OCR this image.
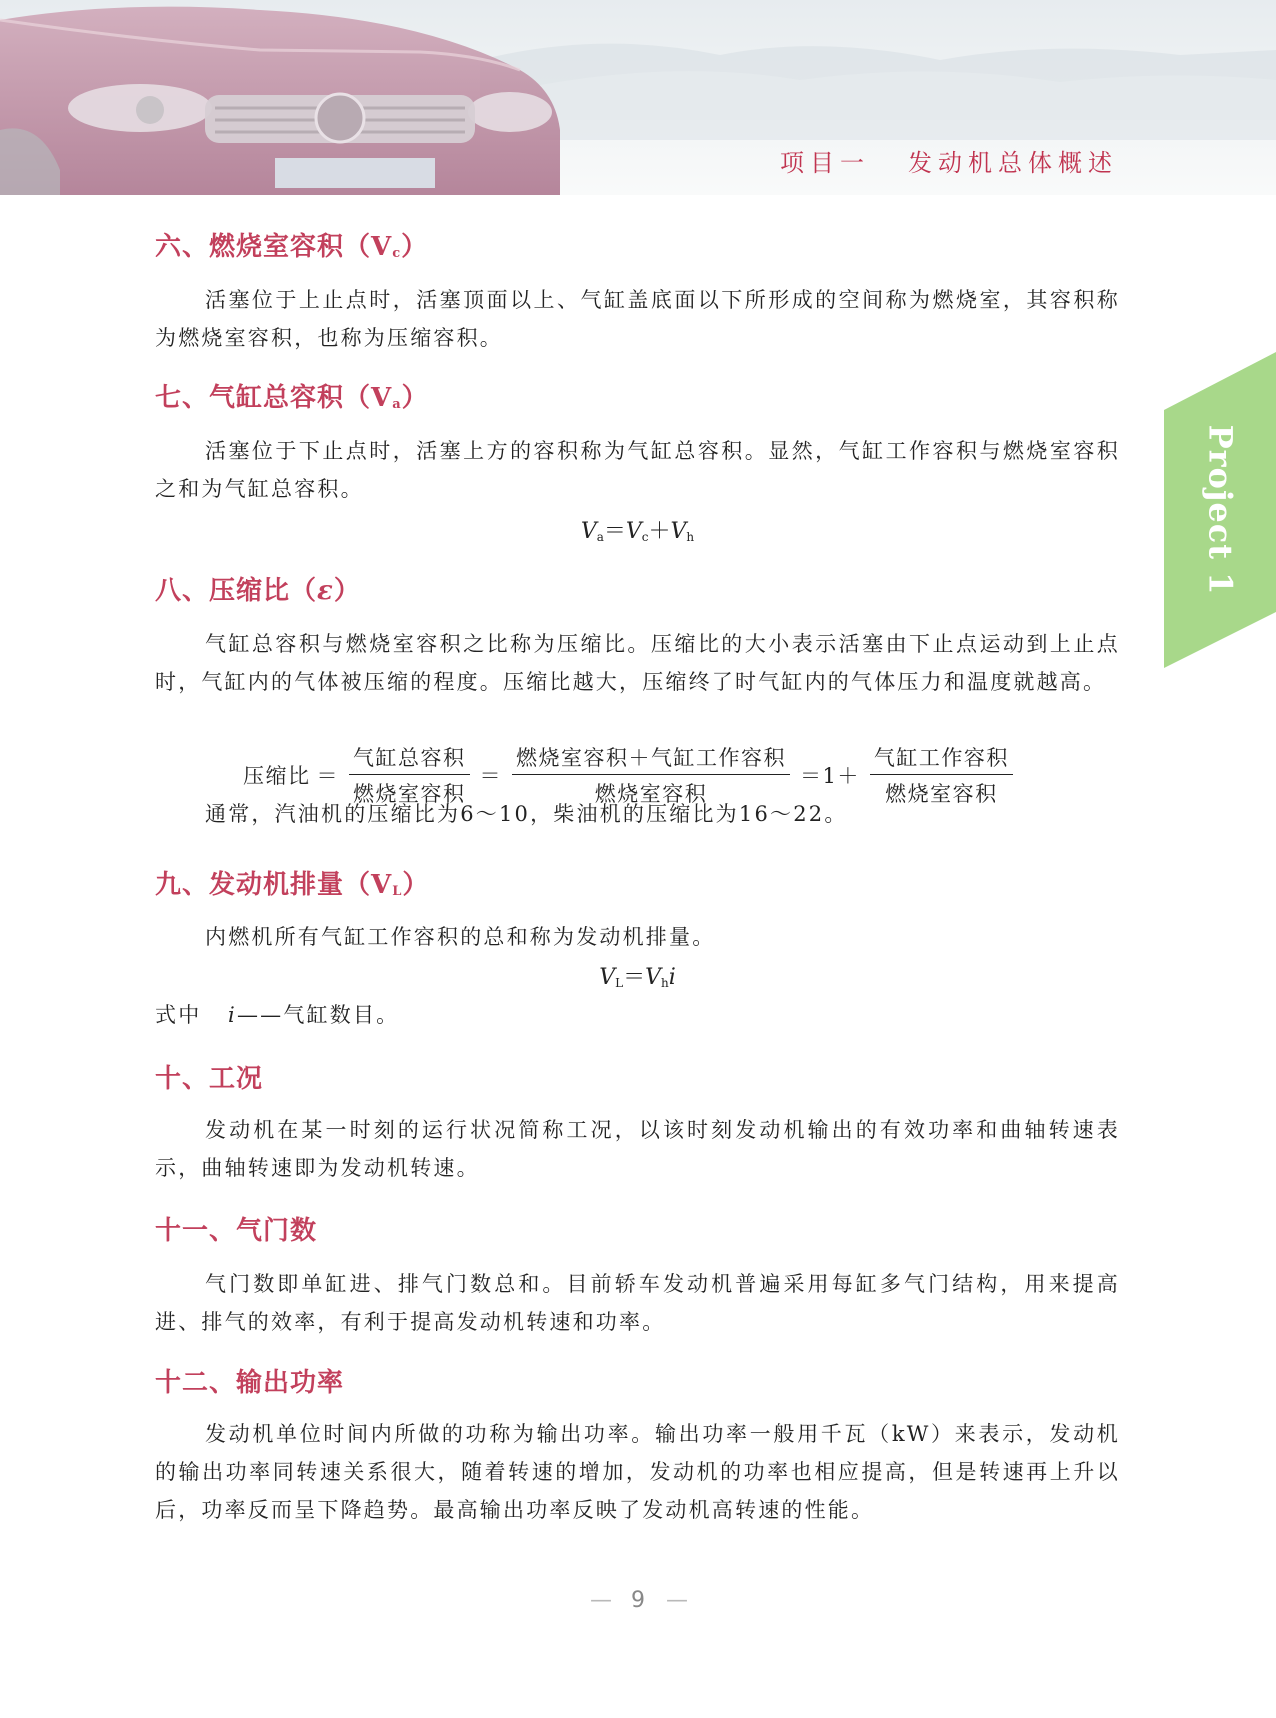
项目一 发动机总体概述
Project 1
六、燃烧室容积$(V_c)$
活塞位于上止点时，活塞顶面以上、气缸盖底面以下所形成的空间称为燃烧室，其容积称为燃烧室容积，也称为压缩容积。
七、气缸总容积$(V_a)$
活塞位于下止点时，活塞上方的容积称为气缸总容积。显然，气缸工作容积与燃烧室容积之和为气缸总容积。
$V_a=V_c+V_h$
八、压缩比（ε）
气缸总容积与燃烧室容积之比称为压缩比。压缩比的大小表示活塞由下止点运动到上止点时，气缸内的气体被压缩的程度。压缩比越大，压缩终了时气缸内的气体压力和温度就越高。
压缩比 ＝ $\frac{\text{气缸总容积}}{\text{燃烧室容积}} = \frac{\text{燃烧室容积＋气缸工作容积}}{\text{燃烧室容积}} =1+ \frac{\text{气缸工作容积}}{\text{燃烧室容积}}$
通常，汽油机的压缩比为6～10，柴油机的压缩比为16～22。
九、发动机排量$(V_L)$
内燃机所有气缸工作容积的总和称为发动机排量。
$V_L=V_hi$
式中 i——气缸数目。
十、工况
发动机在某一时刻的运行状况简称工况，以该时刻发动机输出的有效功率和曲轴转速表示，曲轴转速即为发动机转速。
十一、气门数
气门数即单缸进、排气门数总和。目前轿车发动机普遍采用每缸多气门结构，用来提高进、排气的效率，有利于提高发动机转速和功率。
十二、输出功率
发动机单位时间内所做的功称为输出功率。输出功率一般用千瓦（kW）来表示，发动机的输出功率同转速关系很大，随着转速的增加，发动机的功率也相应提高，但是转速再上升以后，功率反而呈下降趋势。最高输出功率反映了发动机高转速的性能。
— 9 —
